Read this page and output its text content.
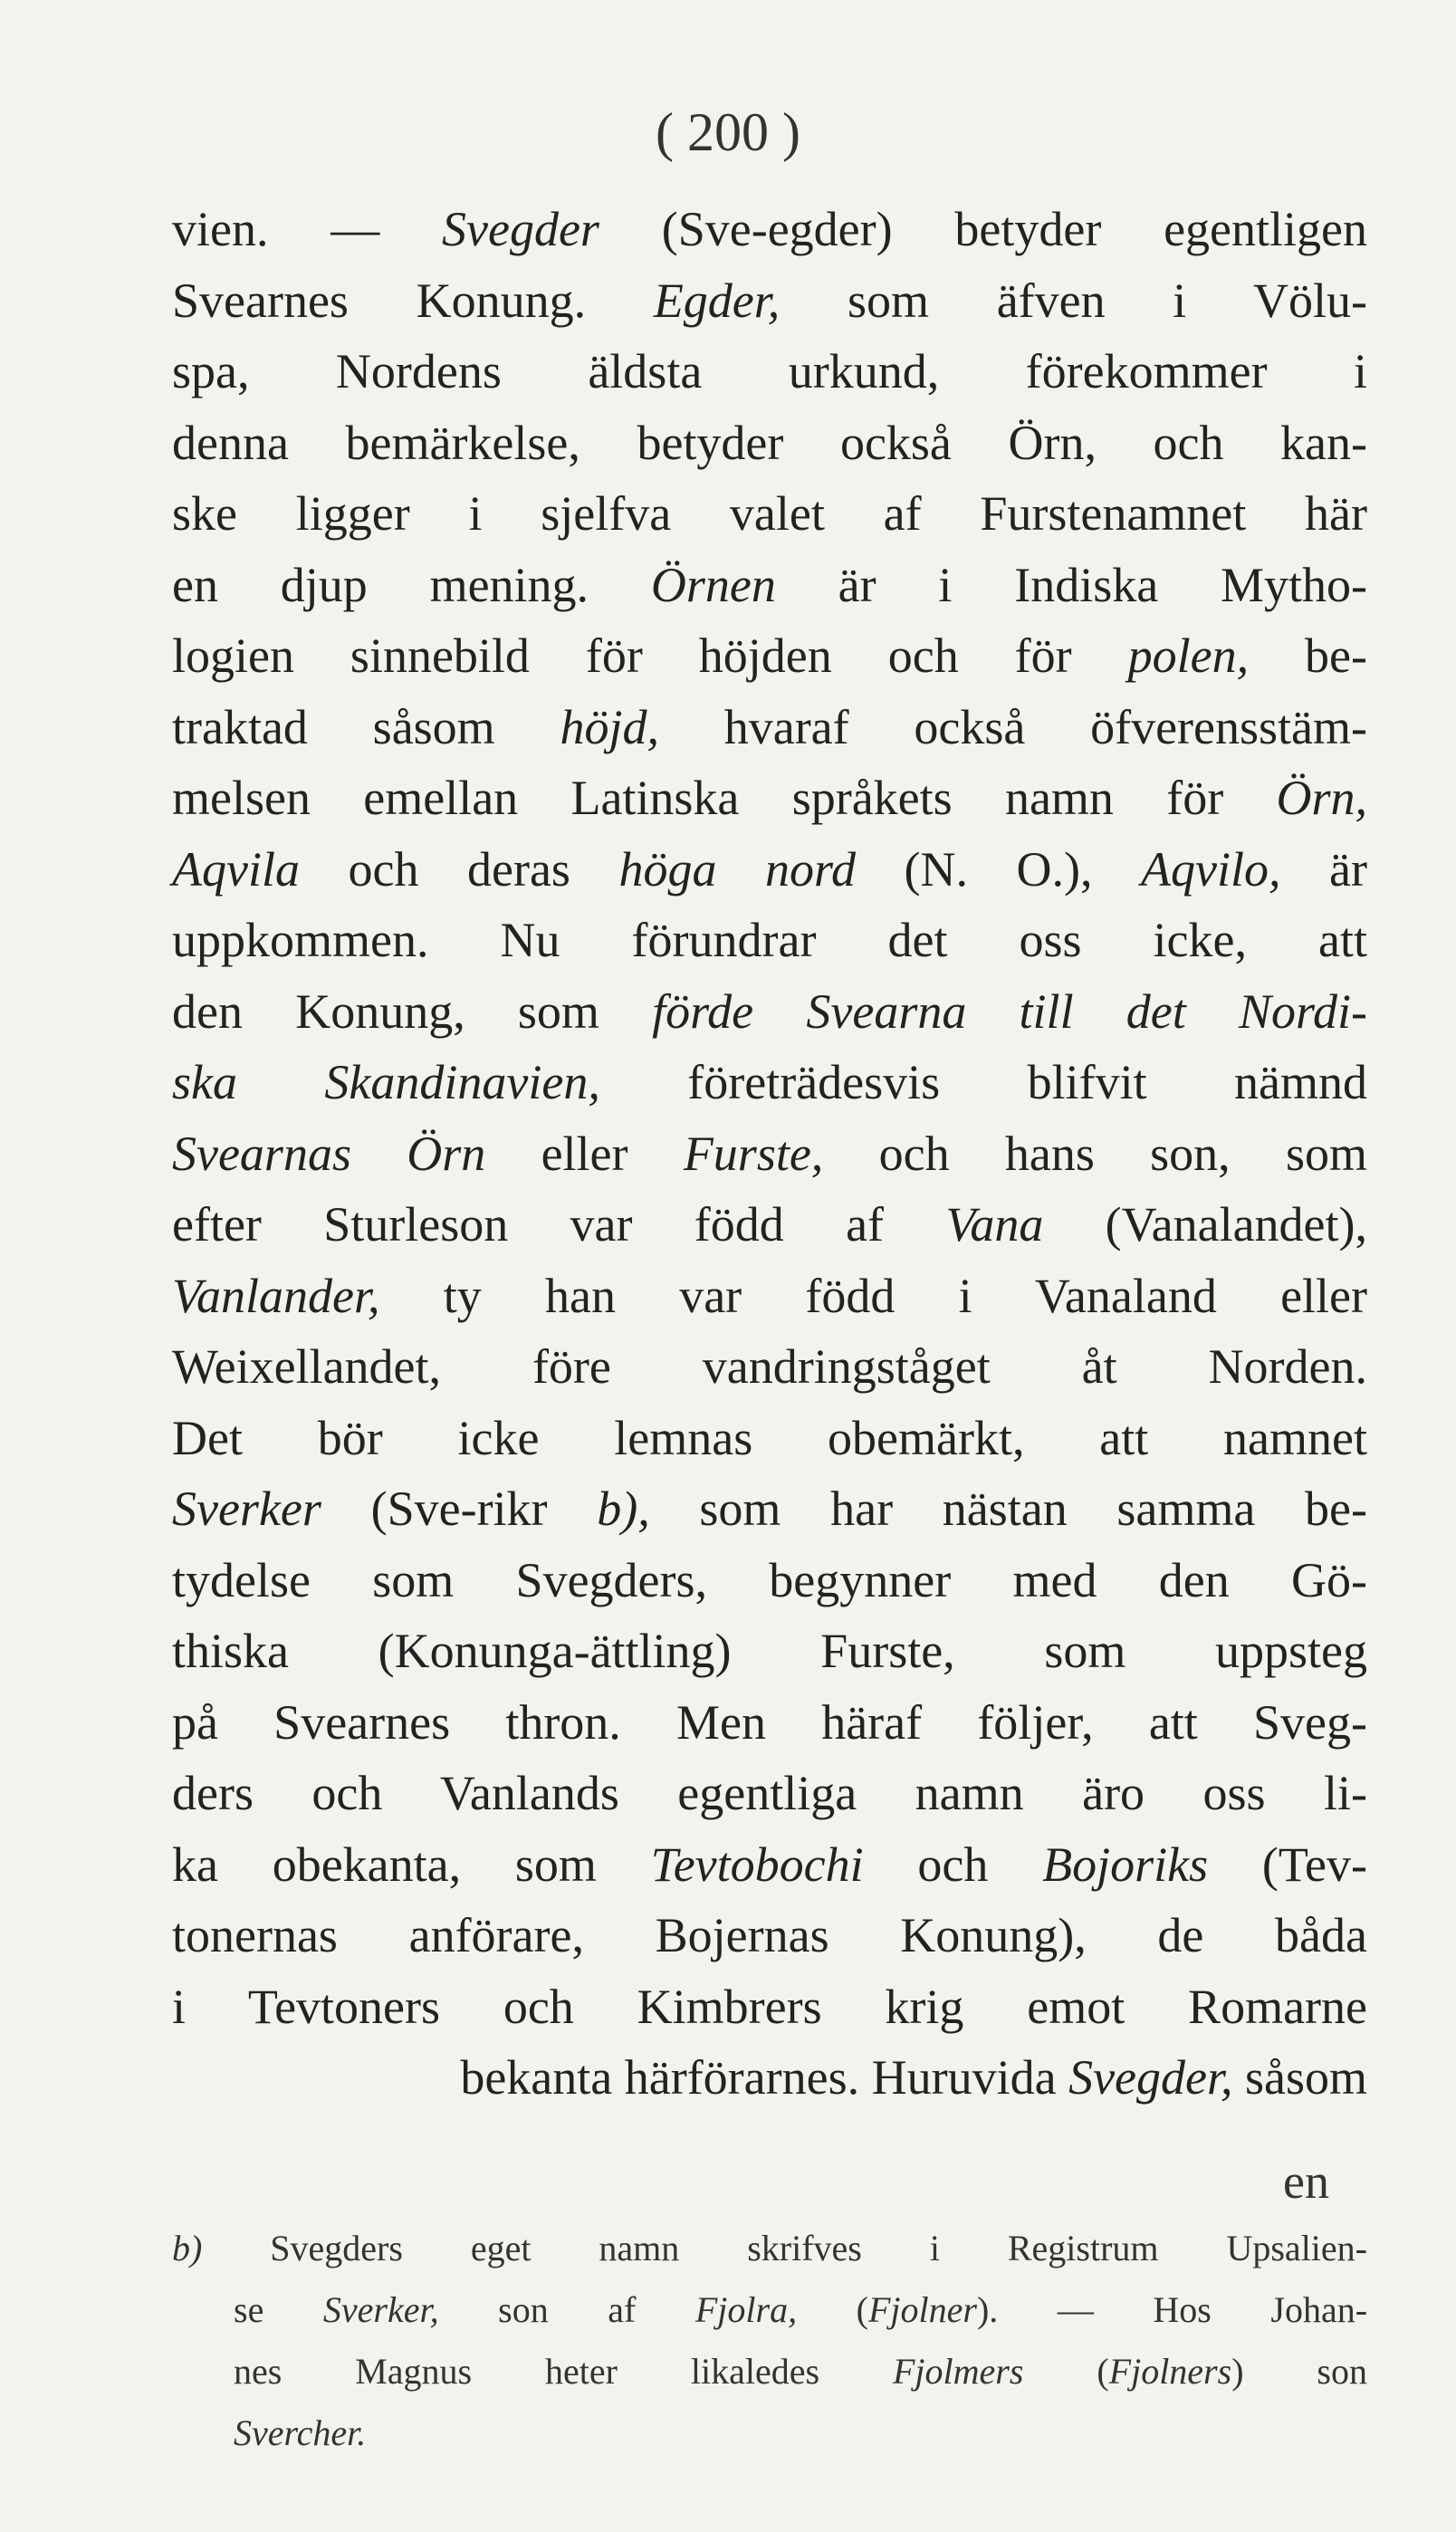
( 200 )
vien. — Svegder (Sve-egder) betyder egentligen
Svearnes Konung. Egder, som äfven i Völu-
spa, Nordens äldsta urkund, förekommer i
denna bemärkelse, betyder också Örn, och kan-
ske ligger i sjelfva valet af Furstenamnet här
en djup mening. Örnen är i Indiska Mytho-
logien sinnebild för höjden och för polen, be-
traktad såsom höjd, hvaraf också öfverensstäm-
melsen emellan Latinska språkets namn för Örn,
Aqvila och deras höga nord (N. O.), Aqvilo, är
uppkommen. Nu förundrar det oss icke, att
den Konung, som förde Svearna till det Nordi-
ska Skandinavien, företrädesvis blifvit nämnd
Svearnas Örn eller Furste, och hans son, som
efter Sturleson var född af Vana (Vanalandet),
Vanlander, ty han var född i Vanaland eller
Weixellandet, före vandringståget åt Norden.
Det bör icke lemnas obemärkt, att namnet
Sverker (Sve-rikr b), som har nästan samma be-
tydelse som Svegders, begynner med den Gö-
thiska (Konunga-ättling) Furste, som uppsteg
på Svearnes thron. Men häraf följer, att Sveg-
ders och Vanlands egentliga namn äro oss li-
ka obekanta, som Tevtobochi och Bojoriks (Tev-
tonernas anförare, Bojernas Konung), de båda
i Tevtoners och Kimbrers krig emot Romarne
bekanta härförarnes. Huruvida Svegder, såsom
en
b) Svegders eget namn skrifves i Registrum Upsalien-
se Sverker, son af Fjolra, (Fjolner). — Hos Johan-
nes Magnus heter likaledes Fjolmers (Fjolners) son
Svercher.
